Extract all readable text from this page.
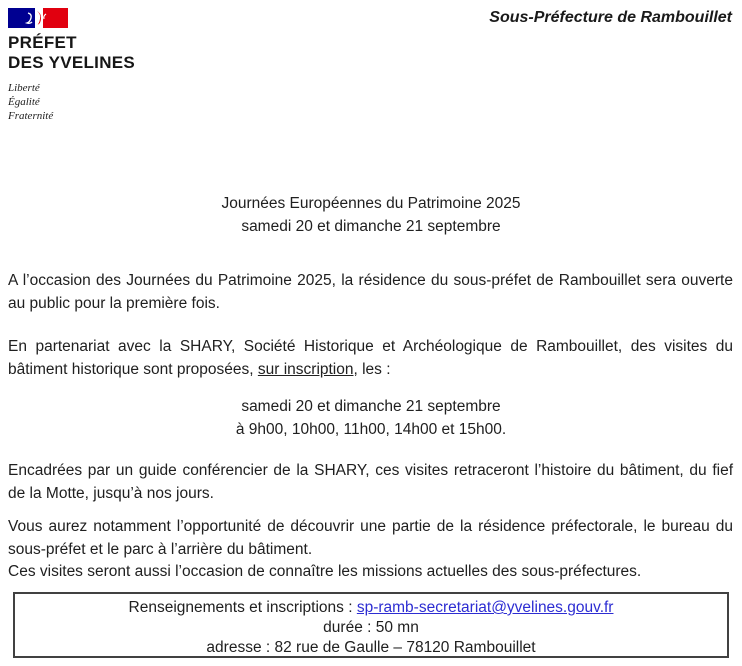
PRÉFET
DES YVELINES
Liberté
Égalité
Fraternité
Sous-Préfecture de Rambouillet
Journées Européennes du Patrimoine 2025
samedi 20 et dimanche 21 septembre
A l’occasion des Journées du Patrimoine 2025, la résidence du sous-préfet de Rambouillet sera ouverte au public pour la première fois.
En partenariat avec la SHARY, Société Historique et Archéologique de Rambouillet, des visites du bâtiment historique sont proposées, sur inscription, les :
samedi 20 et dimanche 21 septembre
à 9h00, 10h00, 11h00, 14h00 et 15h00.
Encadrées par un guide conférencier de la SHARY, ces visites retraceront l’histoire du bâtiment, du fief de la Motte, jusqu’à nos jours.
Vous aurez notamment l’opportunité de découvrir une partie de la résidence préfectorale, le bureau du sous-préfet et le parc à l’arrière du bâtiment.
Ces visites seront aussi l’occasion de connaître les missions actuelles des sous-préfectures.
Renseignements et inscriptions : sp-ramb-secretariat@yvelines.gouv.fr
durée : 50 mn
adresse : 82 rue de Gaulle – 78120 Rambouillet
